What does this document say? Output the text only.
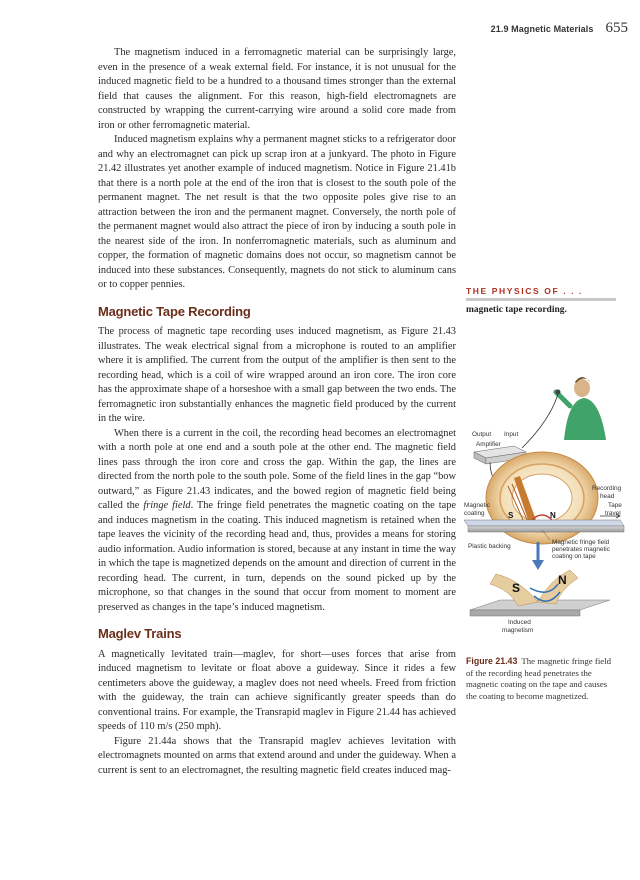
21.9 Magnetic Materials 655

The magnetism induced in a ferromagnetic material can be surprisingly large, even in the presence of a weak external field. For instance, it is not unusual for the induced magnetic field to be a hundred to a thousand times stronger than the external field that causes the alignment. For this reason, high-field electromagnets are constructed by wrapping the current-carrying wire around a solid core made from iron or other ferromagnetic material.

Induced magnetism explains why a permanent magnet sticks to a refrigerator door and why an electromagnet can pick up scrap iron at a junkyard. The photo in Figure 21.42 illustrates yet another example of induced magnetism. Notice in Figure 21.41b that there is a north pole at the end of the iron that is closest to the south pole of the permanent magnet. The net result is that the two opposite poles give rise to an attraction between the iron and the permanent magnet. Conversely, the north pole of the permanent magnet would also attract the piece of iron by inducing a south pole in the nearest side of the iron. In nonferromagnetic materials, such as aluminum and copper, the formation of magnetic domains does not occur, so magnetism cannot be induced into these substances. Consequently, magnets do not stick to aluminum cans or to copper pennies.

Magnetic Tape Recording

The process of magnetic tape recording uses induced magnetism, as Figure 21.43 illustrates. The weak electrical signal from a microphone is routed to an amplifier where it is amplified. The current from the output of the amplifier is then sent to the recording head, which is a coil of wire wrapped around an iron core. The iron core has the approximate shape of a horseshoe with a small gap between the two ends. The ferromagnetic iron substantially enhances the magnetic field produced by the current in the wire.

When there is a current in the coil, the recording head becomes an electromagnet with a north pole at one end and a south pole at the other end. The magnetic field lines pass through the iron core and cross the gap. Within the gap, the lines are directed from the north pole to the south pole. Some of the field lines in the gap “bow outward,” as Figure 21.43 indicates, and the bowed region of magnetic field being called the fringe field. The fringe field penetrates the magnetic coating on the tape and induces magnetism in the coating. This induced magnetism is retained when the tape leaves the vicinity of the recording head and, thus, provides a means for storing audio information. Audio information is stored, because at any instant in time the way in which the tape is magnetized depends on the amount and direction of current in the recording head. The current, in turn, depends on the sound picked up by the microphone, so that changes in the sound that occur from moment to moment are preserved as changes in the tape’s induced magnetism.

Maglev Trains

A magnetically levitated train—maglev, for short—uses forces that arise from induced magnetism to levitate or float above a guideway. Since it rides a few centimeters above the guideway, a maglev does not need wheels. Freed from friction with the guideway, the train can achieve significantly greater speeds than do conventional trains. For example, the Transrapid maglev in Figure 21.44 has achieved speeds of 110 m/s (250 mph).

Figure 21.44a shows that the Transrapid maglev achieves levitation with electromagnets mounted on arms that extend around and under the guideway. When a current is sent to an electromagnet, the resulting magnetic field creates induced mag-

THE PHYSICS OF . . .
magnetic tape recording.
Output Input
Amplifier
S	N
Recording
head
Magnetic
coating
Tape
travel
Plastic backing
Magnetic fringe field
penetrates magnetic
coating on tape
S
N
Induced
magnetism
Figure 21.43 The magnetic fringe field of the recording head penetrates the magnetic coating on the tape and causes the coating to become magnetized.
